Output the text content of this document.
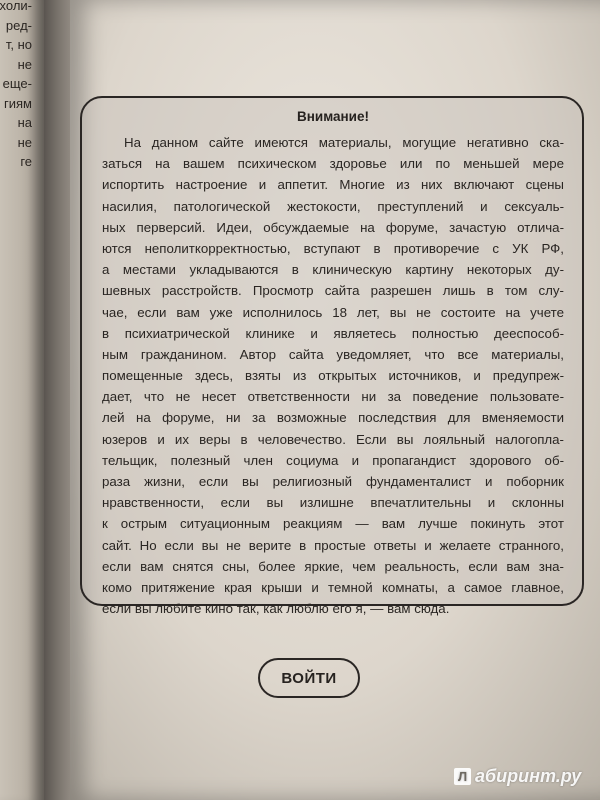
холи-
ред-
т, но
не
еще-
гиям
на
не
ге
Внимание!
На данном сайте имеются материалы, могущие негативно ска-
заться на вашем психическом здоровье или по меньшей мере
испортить настроение и аппетит. Многие из них включают сцены
насилия, патологической жестокости, преступлений и сексуаль-
ных перверсий. Идеи, обсуждаемые на форуме, зачастую отлича-
ются неполиткорректностью, вступают в противоречие с УК РФ,
а местами укладываются в клиническую картину некоторых ду-
шевных расстройств. Просмотр сайта разрешен лишь в том слу-
чае, если вам уже исполнилось 18 лет, вы не состоите на учете
в психиатрической клинике и являетесь полностью дееспособ-
ным гражданином. Автор сайта уведомляет, что все материалы,
помещенные здесь, взяты из открытых источников, и предупреж-
дает, что не несет ответственности ни за поведение пользовате-
лей на форуме, ни за возможные последствия для вменяемости
юзеров и их веры в человечество. Если вы лояльный налогопла-
тельщик, полезный член социума и пропагандист здорового об-
раза жизни, если вы религиозный фундаменталист и поборник
нравственности, если вы излишне впечатлительны и склонны
к острым ситуационным реакциям — вам лучше покинуть этот
сайт. Но если вы не верите в простые ответы и желаете странного,
если вам снятся сны, более яркие, чем реальность, если вам зна-
комо притяжение края крыши и темной комнаты, а самое главное,
если вы любите кино так, как люблю его я, — вам сюда.
ВОЙТИ
Л абиринт.ру
